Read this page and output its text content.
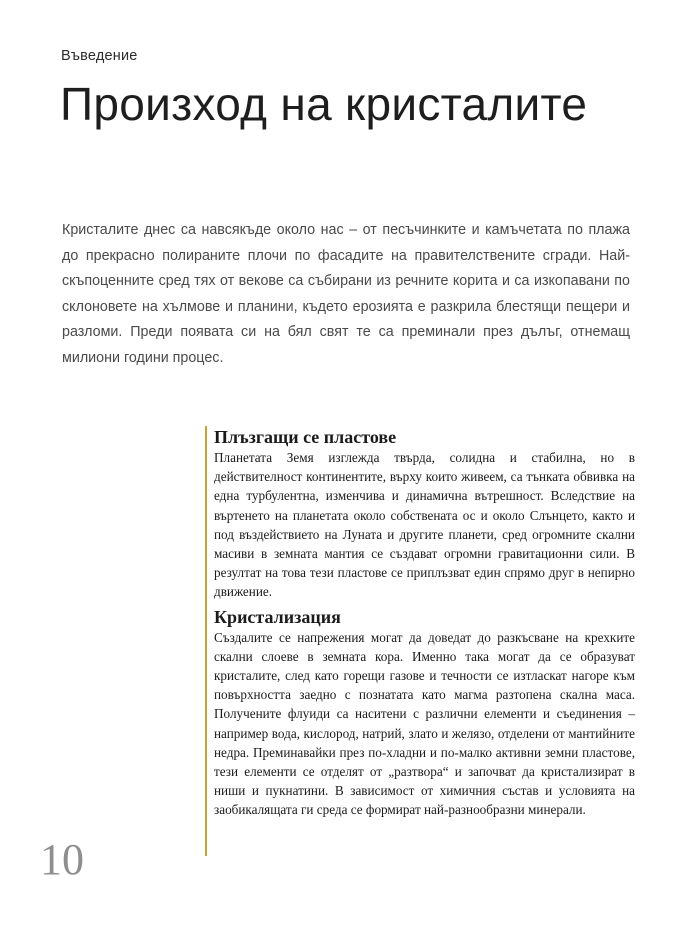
Въведение
Произход на кристалите

Кристалите днес са навсякъде около нас – от песъчинките и камъчетата по плажа до прекрасно полираните плочи по фасадите на правителствените сгради. Най-скъпоценните сред тях от векове са събирани из речните корита и са изкопавани по склоновете на хълмове и планини, където ерозията е разкрила блестящи пещери и разломи. Преди появата си на бял свят те са преминали през дълъг, отнемащ милиони години процес.

Плъзгащи се пластове

Планетата Земя изглежда твърда, солидна и стабилна, но в действителност континентите, върху които живеем, са тънката обвивка на една турбулентна, изменчива и динамична вътрешност. Вследствие на въртенето на планетата около собствената ос и около Слънцето, както и под въздействието на Луната и другите планети, сред огромните скални масиви в земната мантия се създават огромни гравитационни сили. В резултат на това тези пластове се приплъзват един спрямо друг в непирно движение.

Кристализация

Създалите се напрежения могат да доведат до разкъсване на крехките скални слоеве в земната кора. Именно така могат да се образуват кристалите, след като горещи газове и течности се изтласкат нагоре към повърхността заедно с познатата като магма разтопена скална маса. Получените флуиди са наситени с различни елементи и съединения – например вода, кислород, натрий, злато и желязо, отделени от мантийните недра. Преминавайки през по-хладни и по-малко активни земни пластове, тези елементи се отделят от „разтвора“ и започват да кристализират в ниши и пукнатини. В зависимост от химичния състав и условията на заобикалящата ги среда се формират най-разнообразни минерали.

10
